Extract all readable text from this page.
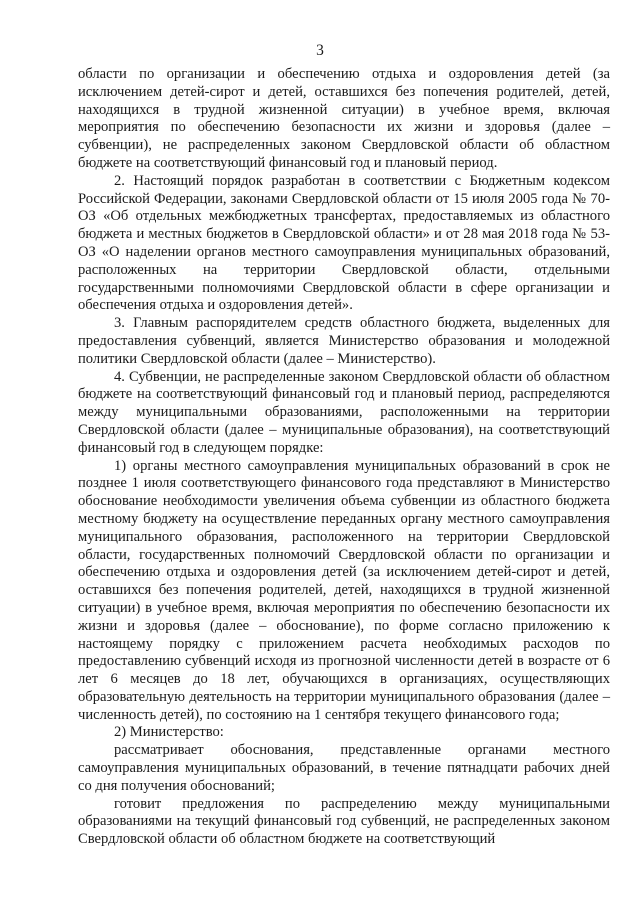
3

области по организации и обеспечению отдыха и оздоровления детей (за исключением детей-сирот и детей, оставшихся без попечения родителей, детей, находящихся в трудной жизненной ситуации) в учебное время, включая мероприятия по обеспечению безопасности их жизни и здоровья (далее – субвенции), не распределенных законом Свердловской области об областном бюджете на соответствующий финансовый год и плановый период.

2. Настоящий порядок разработан в соответствии с Бюджетным кодексом Российской Федерации, законами Свердловской области от 15 июля 2005 года № 70-ОЗ «Об отдельных межбюджетных трансфертах, предоставляемых из областного бюджета и местных бюджетов в Свердловской области» и от 28 мая 2018 года № 53-ОЗ «О наделении органов местного самоуправления муниципальных образований, расположенных на территории Свердловской области, отдельными государственными полномочиями Свердловской области в сфере организации и обеспечения отдыха и оздоровления детей».

3. Главным распорядителем средств областного бюджета, выделенных для предоставления субвенций, является Министерство образования и молодежной политики Свердловской области (далее – Министерство).

4. Субвенции, не распределенные законом Свердловской области об областном бюджете на соответствующий финансовый год и плановый период, распределяются между муниципальными образованиями, расположенными на территории Свердловской области (далее – муниципальные образования), на соответствующий финансовый год в следующем порядке:

1) органы местного самоуправления муниципальных образований в срок не позднее 1 июля соответствующего финансового года представляют в Министерство обоснование необходимости увеличения объема субвенции из областного бюджета местному бюджету на осуществление переданных органу местного самоуправления муниципального образования, расположенного на территории Свердловской области, государственных полномочий Свердловской области по организации и обеспечению отдыха и оздоровления детей (за исключением детей-сирот и детей, оставшихся без попечения родителей, детей, находящихся в трудной жизненной ситуации) в учебное время, включая мероприятия по обеспечению безопасности их жизни и здоровья (далее – обоснование), по форме согласно приложению к настоящему порядку с приложением расчета необходимых расходов по предоставлению субвенций исходя из прогнозной численности детей в возрасте от 6 лет 6 месяцев до 18 лет, обучающихся в организациях, осуществляющих образовательную деятельность на территории муниципального образования (далее – численность детей), по состоянию на 1 сентября текущего финансового года;

2) Министерство:

рассматривает обоснования, представленные органами местного самоуправления муниципальных образований, в течение пятнадцати рабочих дней со дня получения обоснований;

готовит предложения по распределению между муниципальными образованиями на текущий финансовый год субвенций, не распределенных законом Свердловской области об областном бюджете на соответствующий
